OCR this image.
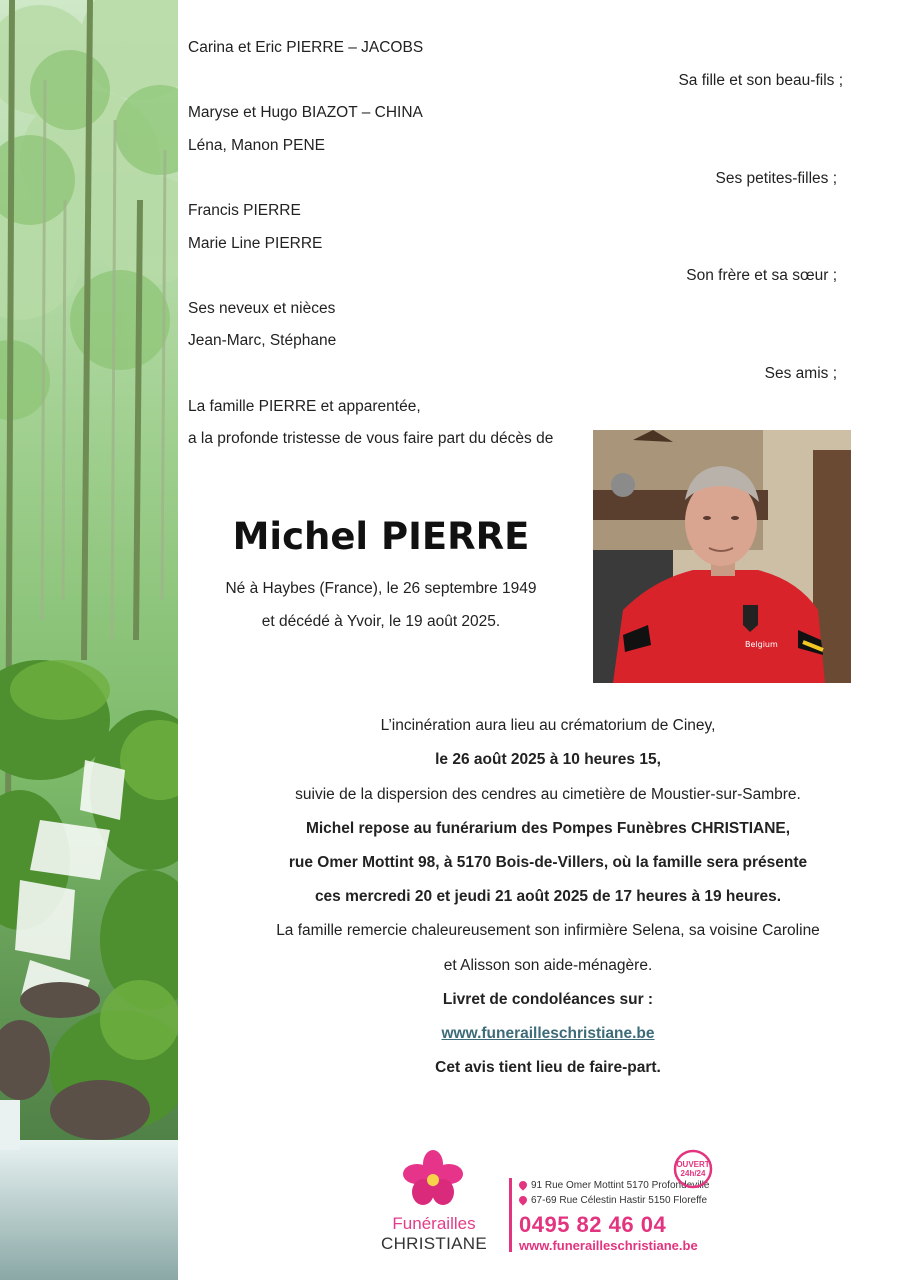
Carina et Eric PIERRE – JACOBS
Sa fille et son beau-fils ;
Maryse et Hugo BIAZOT – CHINA
Léna, Manon PENE
Ses petites-filles ;
Francis PIERRE
Marie Line PIERRE
Son frère et sa sœur ;
Ses neveux et nièces
Jean-Marc, Stéphane
Ses amis ;
La famille PIERRE et apparentée,
a la profonde tristesse de vous faire part du décès de
Michel PIERRE
Né à Haybes (France), le 26 septembre 1949
et décédé à Yvoir, le 19 août 2025.
Belgium
L’incinération aura lieu au crématorium de Ciney,
le 26 août 2025 à 10 heures 15,
suivie de la dispersion des cendres au cimetière de Moustier-sur-Sambre.
Michel repose au funérarium des Pompes Funèbres CHRISTIANE,
rue Omer Mottint 98, à 5170 Bois-de-Villers, où la famille sera présente
ces mercredi 20 et jeudi 21 août 2025 de 17 heures à 19 heures.
La famille remercie chaleureusement son infirmière Selena, sa voisine Caroline
et Alisson son aide-ménagère.
Livret de condoléances sur :
www.funerailleschristiane.be
Cet avis tient lieu de faire-part.
Funérailles
CHRISTIANE
91 Rue Omer Mottint 5170 Profondeville
67-69 Rue Célestin Hastir 5150 Floreffe
0495 82 46 04
www.funerailleschristiane.be
OUVERT
24h/24
